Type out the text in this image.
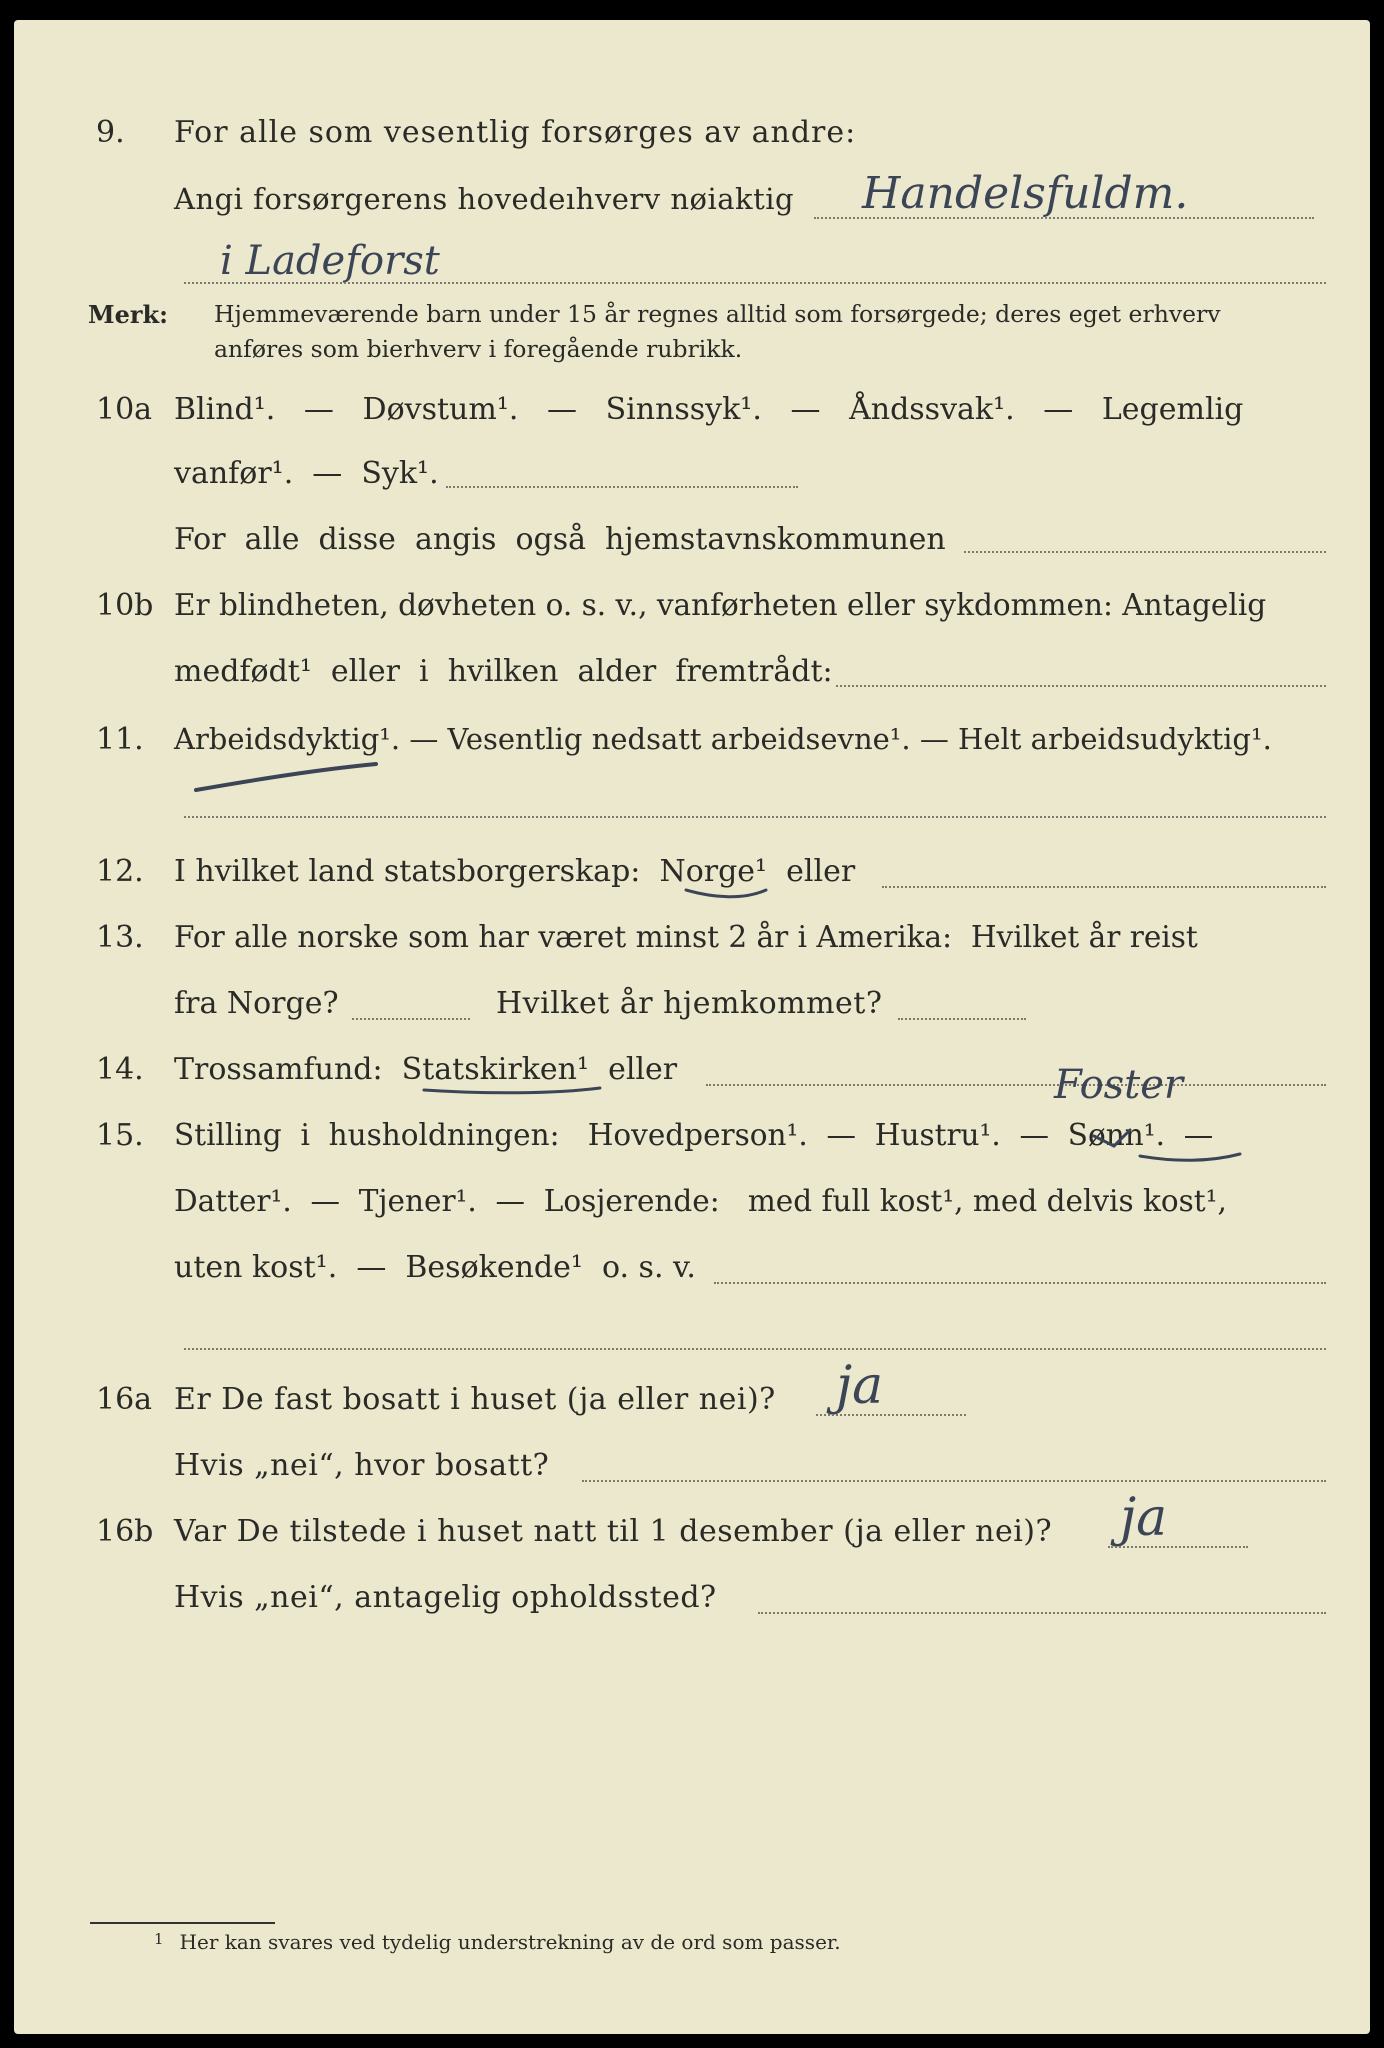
9. For alle som vesentlig forsørges av andre:
Angi forsørgerens hovedeıhverv nøiaktig Handelsfuldm.
i Ladeforst
Merk: Hjemmeværende barn under 15 år regnes alltid som forsørgede; deres eget erhverv
anføres som bierhverv i foregående rubrikk.
10a Blind¹.   —   Døvstum¹.   —   Sinnssyk¹.   —   Åndssvak¹.   —   Legemlig
vanfør¹.  —  Syk¹.
For  alle  disse  angis  også  hjemstavnskommunen
10b Er blindheten, døvheten o. s. v., vanførheten eller sykdommen: Antagelig
medfødt¹  eller  i  hvilken  alder  fremtrådt:
11. Arbeidsdyktig¹. — Vesentlig nedsatt arbeidsevne¹. — Helt arbeidsudyktig¹.
12. I hvilket land statsborgerskap:  Norge¹  eller
13. For alle norske som har været minst 2 år i Amerika:  Hvilket år reist
fra Norge?	Hvilket år hjemkommet?
14. Trossamfund:  Statskirken¹  eller
15. Stilling  i  husholdningen:   Hovedperson¹.  —  Hustru¹.  —  Sønn¹.  —
Foster
Datter¹.  —  Tjener¹.  —  Losjerende:   med full kost¹, med delvis kost¹,
uten kost¹.  —  Besøkende¹  o. s. v.
16a Er De fast bosatt i huset (ja eller nei)? ja
Hvis „nei“, hvor bosatt?
16b Var De tilstede i huset natt til 1 desember (ja eller nei)? ja
Hvis „nei“, antagelig opholdssted?
$^1$ Her kan svares ved tydelig understrekning av de ord som passer.
